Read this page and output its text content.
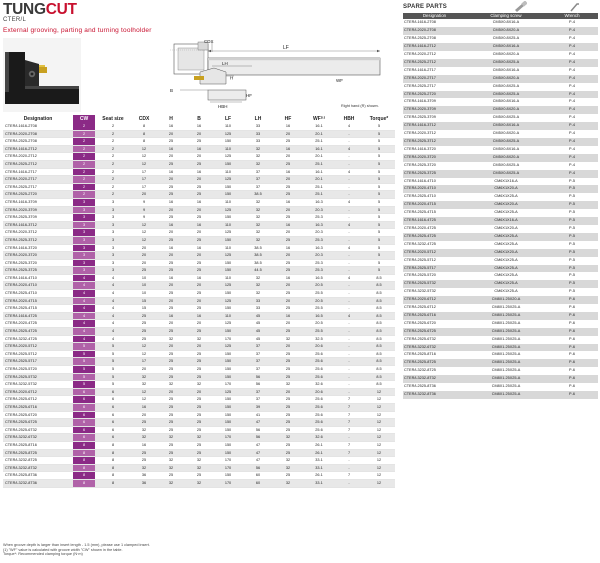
TUNG CUT
CTER/L
External grooving, parting and turning toolholder
CDX
LF
LH
H
B
HBH
HF
WF
Right hand (R) shown.
Designation	CW	Seat size	CDX	H	B	LF	LH	HF	WF⁽¹⁾	HBH	Torque*
CTER/L1616-2T08	2	2	8	16	16	110	33	16	16.1	4	5
CTER/L2020-2T08	2	2	8	20	20	125	33	20	20.1	-	5
CTER/L2525-2T08	2	2	8	25	25	150	33	25	25.1	-	5
CTER/L1616-2T12	2	2	12	16	16	110	32	16	16.1	4	5
CTER/L2020-2T12	2	2	12	20	20	125	32	20	20.1	-	5
CTER/L2525-2T12	2	2	12	25	25	150	32	25	25.1	-	5
CTER/L1616-2T17	2	2	17	16	16	110	37	16	16.1	4	5
CTER/L2020-2T17	2	2	17	20	20	125	37	20	20.1	-	5
CTER/L2525-2T17	2	2	17	25	25	150	37	25	25.1	-	5
CTER/L2525-2T20	2	2	20	25	25	150	38.5	25	25.1	-	5
CTER/L1616-3T09	3	3	9	16	16	110	32	16	16.3	4	5
CTER/L2020-3T09	3	3	9	20	20	125	32	20	20.3	-	5
CTER/L2525-3T09	3	3	9	25	25	150	32	25	25.3	-	5
CTER/L1616-3T12	3	3	12	16	16	110	32	16	16.3	4	5
CTER/L2020-3T12	3	3	12	20	20	125	32	20	20.3	-	5
CTER/L2525-3T12	3	3	12	25	25	150	32	25	25.3	-	5
CTER/L1616-3T20	3	3	20	16	16	110	38.5	16	16.3	4	5
CTER/L2020-3T20	3	3	20	20	20	125	38.5	20	20.3	-	5
CTER/L2525-3T20	3	3	20	25	25	150	38.5	25	25.3	-	5
CTER/L2525-3T25	3	3	25	25	25	150	44.5	25	25.3	-	5
CTER/L1616-4T10	4	4	10	16	16	110	32	16	16.5	4	8.5
CTER/L2020-4T10	4	4	10	20	20	125	32	20	20.5	-	8.5
CTER/L2525-4T10	4	4	10	25	25	150	32	25	25.5	-	8.5
CTER/L2020-4T15	4	4	15	20	20	125	33	20	20.5	-	8.5
CTER/L2525-4T15	4	4	15	25	25	150	33	25	25.5	-	8.5
CTER/L1616-4T25	4	4	25	16	16	110	45	16	16.5	4	8.5
CTER/L2020-4T25	4	4	25	20	20	125	45	20	20.5	-	8.5
CTER/L2525-4T25	4	4	25	25	25	150	45	25	25.5	-	8.5
CTER/L3232-4T25	4	4	25	32	32	170	45	32	32.5	-	8.5
CTER/L2020-5T12	5	5	12	20	20	125	37	20	20.6	-	8.5
CTER/L2525-5T12	5	5	12	25	25	150	37	25	25.6	-	8.5
CTER/L2525-5T17	5	5	17	25	25	150	37	25	25.6	-	8.5
CTER/L2525-5T20	5	5	20	25	25	150	37	25	25.6	-	8.5
CTER/L2525-5T32	5	5	32	25	25	150	56	25	25.6	-	8.5
CTER/L3232-5T32	5	5	32	32	32	170	56	32	32.6	-	8.5
CTER/L2020-6T12	6	6	12	20	20	125	37	20	20.6	-	12
CTER/L2525-6T12	6	6	12	25	25	150	37	25	25.6	7	12
CTER/L2525-6T16	6	6	16	25	25	150	39	25	25.6	7	12
CTER/L2525-6T20	6	6	20	25	25	150	41	25	25.6	7	12
CTER/L2525-6T25	6	6	25	25	25	150	47	25	25.6	7	12
CTER/L2525-6T32	6	6	32	25	25	150	56	25	25.6	7	12
CTER/L3232-6T32	6	6	32	32	32	170	56	32	32.6	-	12
CTER/L2525-8T16	8	8	16	25	25	150	47	25	26.1	7	12
CTER/L2525-8T25	8	8	25	25	25	150	47	25	26.1	7	12
CTER/L3232-8T25	8	8	25	32	32	170	47	32	33.1	-	12
CTER/L3232-8T32	8	8	32	32	32	170	56	32	33.1	-	12
CTER/L2525-8T36	8	8	36	25	25	150	60	25	26.1	7	12
CTER/L3232-8T36	8	8	36	32	32	170	60	32	33.1	-	12
When groove depth is larger than insert length - 1.5 (mm), please use 1 clamped insert.
(1) "WF" value is calculated with groove width "CW" shown in the table.
Torque*: Recommended clamping torque (N·m)
SPARE PARTS
Designation	Clamping screw	Wrench
CTER/L1616-2T08	CM5X0.8X16-A	P-4
CTER/L2020-2T08	CM5X0.8X20-A	P-4
CTER/L2525-2T08	CM5X0.8X25-A	P-4
CTER/L1616-2T12	CM5X0.8X16-A	P-4
CTER/L2020-2T12	CM5X0.8X20-A	P-4
CTER/L2525-2T12	CM5X0.8X25-A	P-4
CTER/L1616-2T17	CM5X0.8X16-A	P-4
CTER/L2020-2T17	CM5X0.8X20-A	P-4
CTER/L2525-2T17	CM5X0.8X25-A	P-4
CTER/L2525-2T20	CM5X0.8X25-A	P-4
CTER/L1616-3T09	CM5X0.8X16-A	P-4
CTER/L2020-3T09	CM5X0.8X20-A	P-4
CTER/L2525-3T09	CM5X0.8X25-A	P-4
CTER/L1616-3T12	CM5X0.8X16-A	P-4
CTER/L2020-3T12	CM5X0.8X20-A	P-4
CTER/L2525-3T12	CM5X0.8X25-A	P-4
CTER/L1616-3T20	CM5X0.8X16-A	P-4
CTER/L2020-3T20	CM5X0.8X20-A	P-4
CTER/L2525-3T20	CM5X0.8X25-A	P-4
CTER/L2525-3T25	CM5X0.8X25-A	P-4
CTER/L1616-4T10	CM6X1X16-A	P-5
CTER/L2020-4T10	CM6X1X20-A	P-5
CTER/L2525-4T10	CM6X1X25-A	P-5
CTER/L2020-4T15	CM6X1X20-A	P-5
CTER/L2525-4T15	CM6X1X25-A	P-5
CTER/L1616-4T25	CM6X1X16-A	P-5
CTER/L2020-4T25	CM6X1X20-A	P-5
CTER/L2525-4T25	CM6X1X25-A	P-5
CTER/L3232-4T25	CM6X1X25-A	P-5
CTER/L2020-5T12	CM6X1X20-A	P-5
CTER/L2525-5T12	CM6X1X25-A	P-5
CTER/L2525-5T17	CM6X1X25-A	P-5
CTER/L2525-5T20	CM6X1X25-A	P-5
CTER/L2525-5T32	CM6X1X25-A	P-5
CTER/L3232-5T32	CM6X1X25-A	P-5
CTER/L2020-6T12	CM8X1.25X20-A	P-6
CTER/L2525-6T12	CM8X1.25X25-A	P-6
CTER/L2525-6T16	CM8X1.25X25-A	P-6
CTER/L2525-6T20	CM8X1.25X25-A	P-6
CTER/L2525-6T25	CM8X1.25X25-A	P-6
CTER/L2525-6T32	CM8X1.25X25-A	P-6
CTER/L3232-6T32	CM8X1.25X25-A	P-6
CTER/L2525-8T16	CM8X1.25X25-A	P-6
CTER/L2525-8T25	CM8X1.25X25-A	P-6
CTER/L3232-8T25	CM8X1.25X25-A	P-6
CTER/L3232-8T32	CM8X1.25X25-A	P-6
CTER/L2525-8T36	CM8X1.25X25-A	P-6
CTER/L3232-8T36	CM8X1.25X25-A	P-6
